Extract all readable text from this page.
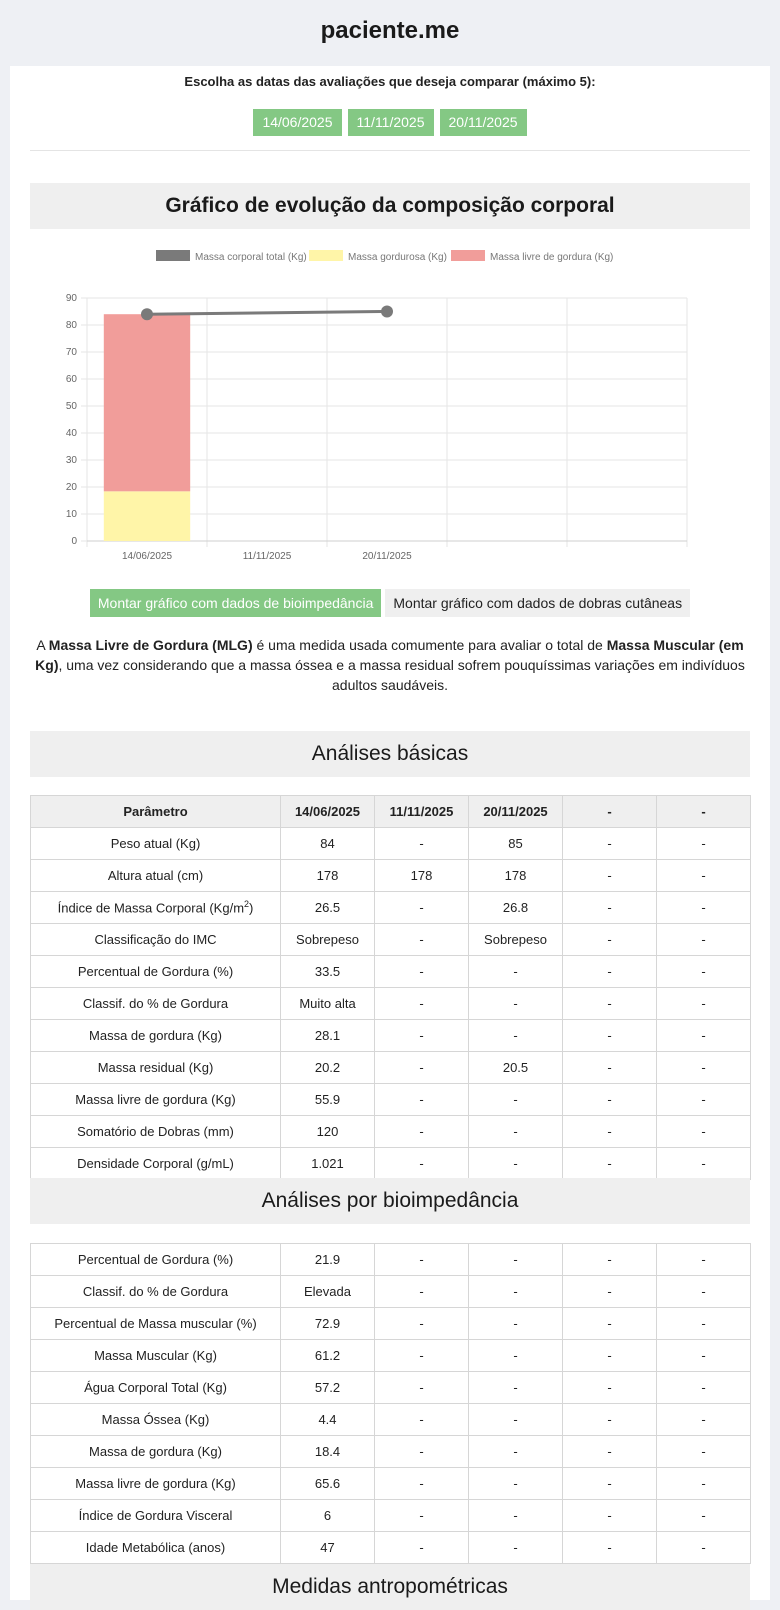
paciente.me
Escolha as datas das avaliações que deseja comparar (máximo 5):
14/06/2025 11/11/2025 20/11/2025
Gráfico de evolução da composição corporal
Massa corporal total (Kg)	Massa gordurosa (Kg)	Massa livre de gordura (Kg)
0
10
20
30
40
50
60
70
80
90
14/06/2025	11/11/2025	20/11/2025
Montar gráfico com dados de bioimpedância Montar gráfico com dados de dobras cutâneas
A Massa Livre de Gordura (MLG) é uma medida usada comumente para avaliar o total de Massa Muscular (em Kg), uma vez considerando que a massa óssea e a massa residual sofrem pouquíssimas variações em indivíduos adultos saudáveis.
Análises básicas
Parâmetro	14/06/2025	11/11/2025	20/11/2025	-	-
Peso atual (Kg)	84	-	85	-	-
Altura atual (cm)	178	178	178	-	-
Índice de Massa Corporal $(Kg/m^2)$	26.5	-	26.8	-	-
Classificação do IMC	Sobrepeso	-	Sobrepeso	-	-
Percentual de Gordura (%)	33.5	-	-	-	-
Classif. do % de Gordura	Muito alta	-	-	-	-
Massa de gordura (Kg)	28.1	-	-	-	-
Massa residual (Kg)	20.2	-	20.5	-	-
Massa livre de gordura (Kg)	55.9	-	-	-	-
Somatório de Dobras (mm)	120	-	-	-	-
Densidade Corporal (g/mL)	1.021	-	-	-	-
Análises por bioimpedância
Percentual de Gordura (%)	21.9	-	-	-	-
Classif. do % de Gordura	Elevada	-	-	-	-
Percentual de Massa muscular (%)	72.9	-	-	-	-
Massa Muscular (Kg)	61.2	-	-	-	-
Água Corporal Total (Kg)	57.2	-	-	-	-
Massa Óssea (Kg)	4.4	-	-	-	-
Massa de gordura (Kg)	18.4	-	-	-	-
Massa livre de gordura (Kg)	65.6	-	-	-	-
Índice de Gordura Visceral	6	-	-	-	-
Idade Metabólica (anos)	47	-	-	-	-
Medidas antropométricas
